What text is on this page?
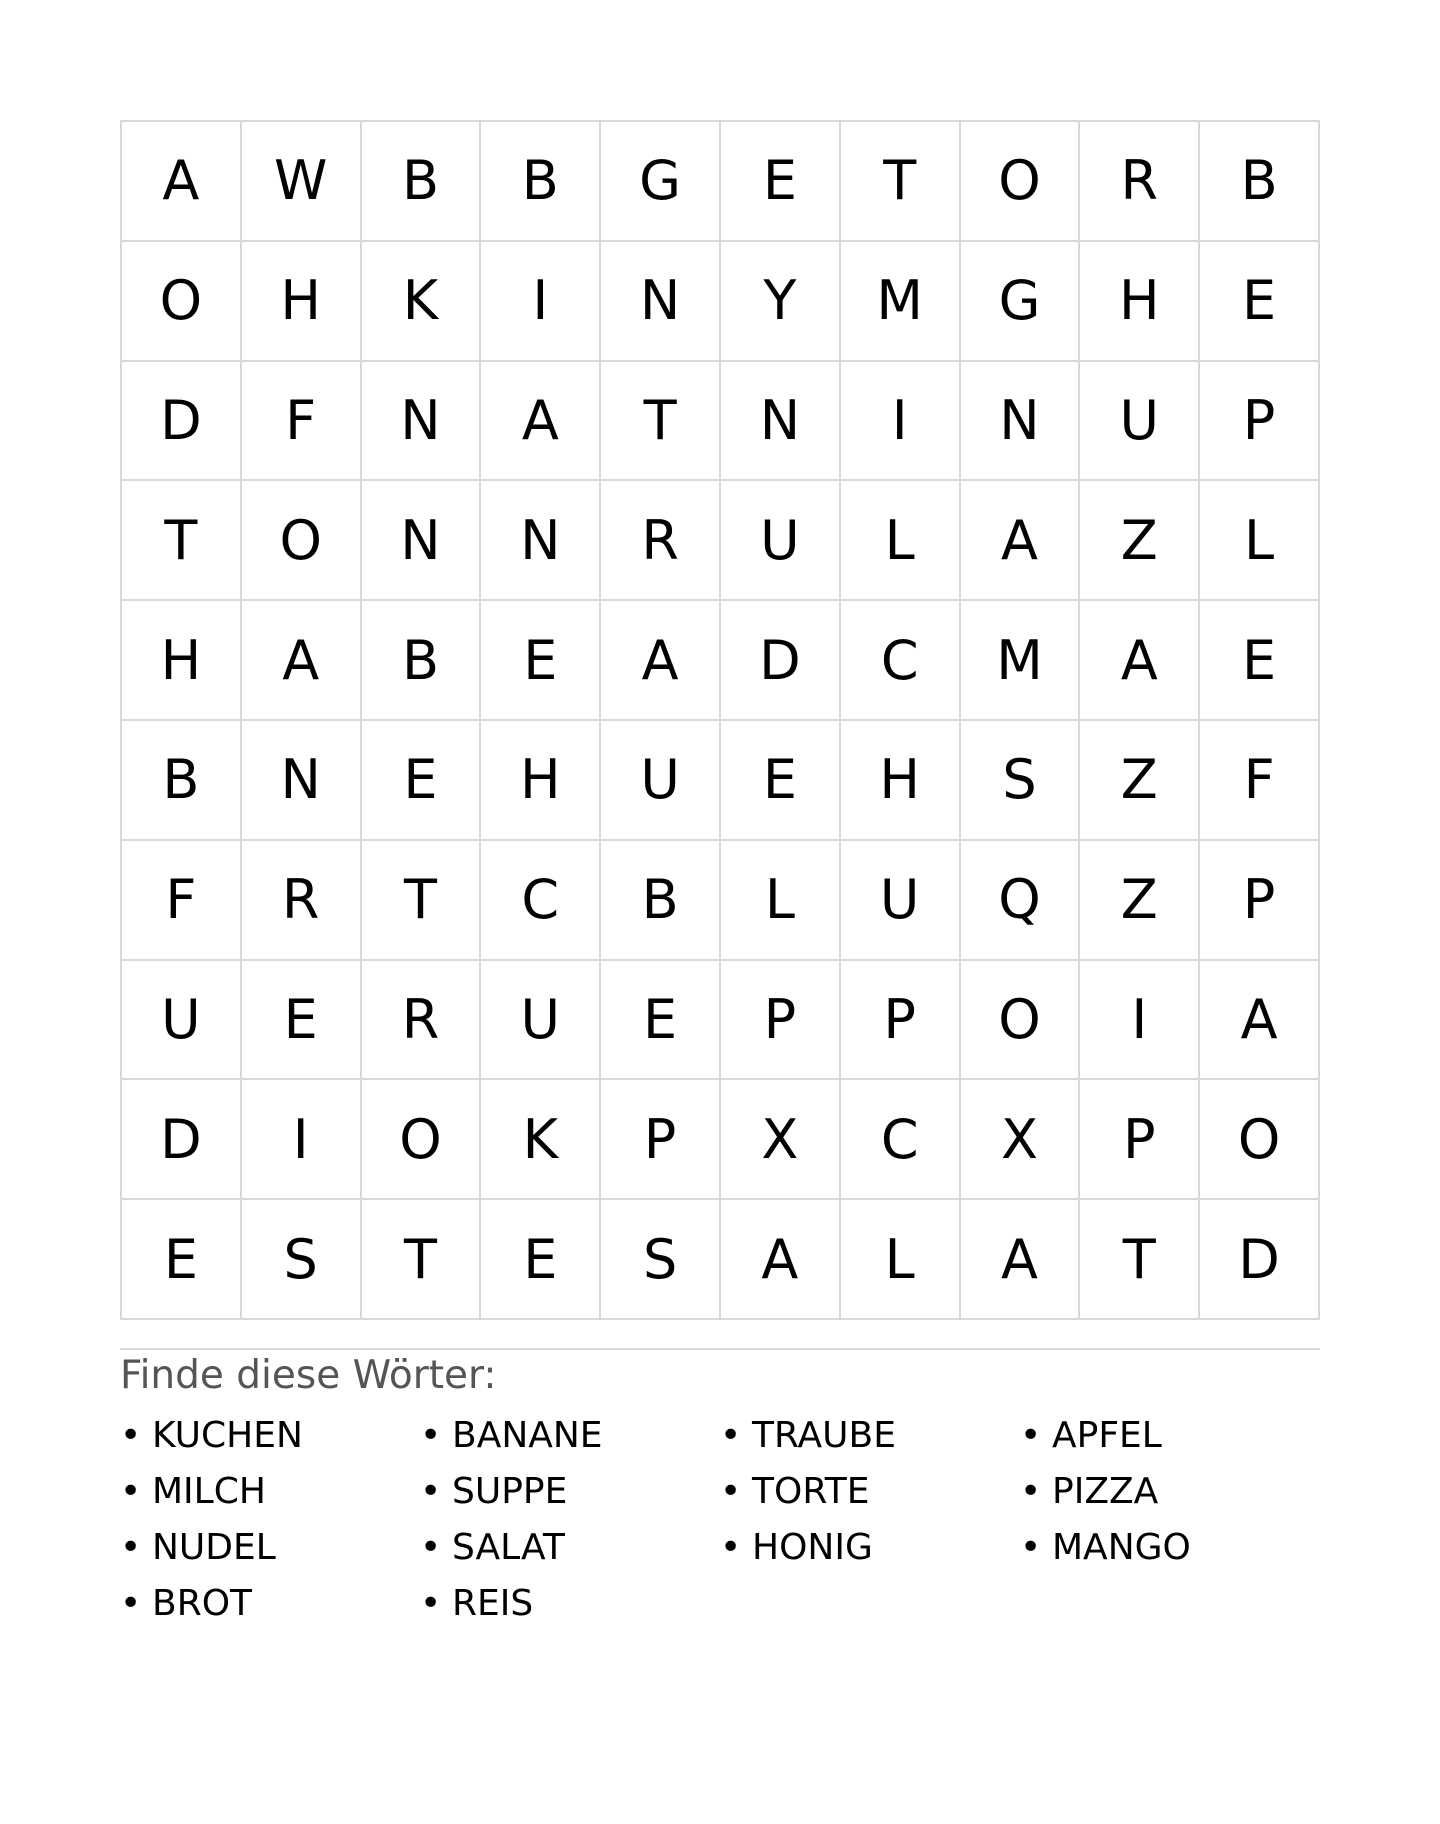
A	W	B	B	G	E	T	O	R	B
O	H	K	I	N	Y	M	G	H	E
D	F	N	A	T	N	I	N	U	P
T	O	N	N	R	U	L	A	Z	L
H	A	B	E	A	D	C	M	A	E
B	N	E	H	U	E	H	S	Z	F
F	R	T	C	B	L	U	Q	Z	P
U	E	R	U	E	P	P	O	I	A
D	I	O	K	P	X	C	X	P	O
E	S	T	E	S	A	L	A	T	D
Finde diese Wörter:
• KUCHEN	• BANANE	• TRAUBE	• APFEL
• MILCH	• SUPPE	• TORTE	• PIZZA
• NUDEL	• SALAT	• HONIG	• MANGO
• BROT	• REIS
